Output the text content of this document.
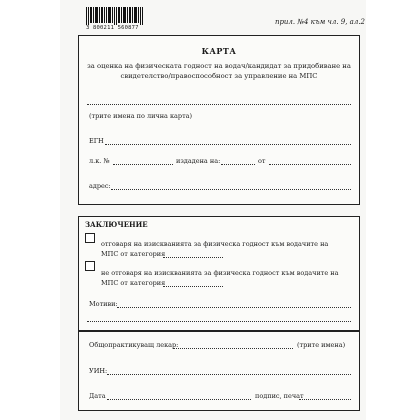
3 800211 560877
прил. №4 към чл. 9, ал.2
КАРТА
за оценка на физическата годност на водач/кандидат за придобиване на
свидетелство/правоспособност за управление на МПС
(трите имена по лична карта)
ЕГН
л.к. №	издадена на:	от
адрес:
ЗАКЛЮЧЕНИЕ
отговаря на изискванията за физическа годност към водачите на
МПС от категория
не отговаря на изискванията за физическа годност към водачите на
МПС от категория
Мотиви:
Общопрактикуващ лекар:	(трите имена)
УИН:
Дата	подпис, печат
